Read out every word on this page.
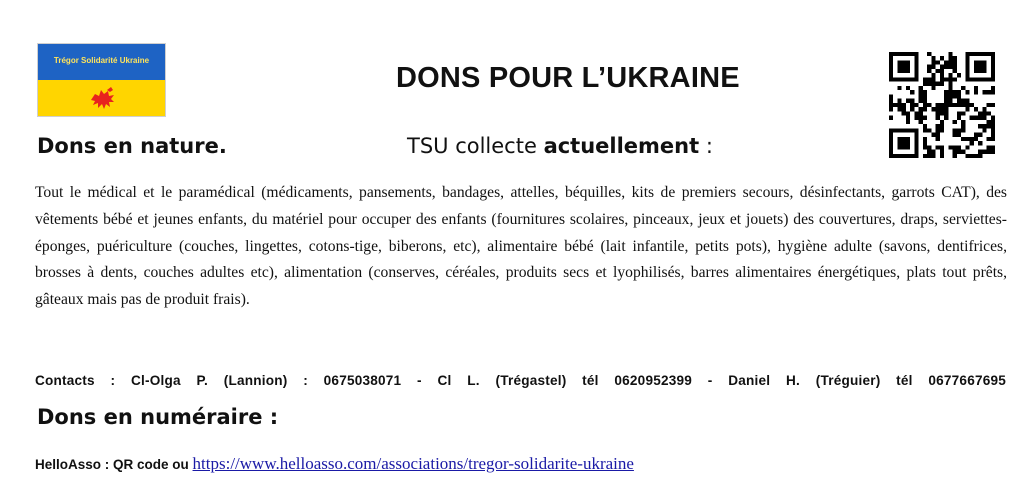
Trégor Solidarité Ukraine
DONS POUR L’UKRAINE
Dons en nature.	TSU collecte actuellement :
Tout le médical et le paramédical (médicaments, pansements, bandages, attelles, béquilles, kits de premiers secours, désinfectants, garrots CAT), des vêtements bébé et jeunes enfants, du matériel pour occuper des enfants (fournitures scolaires, pinceaux, jeux et jouets) des couvertures, draps, serviettes- éponges, puériculture (couches, lingettes, cotons-tige, biberons, etc), alimentaire bébé (lait infantile, petits pots), hygiène adulte (savons, dentifrices, brosses à dents, couches adultes etc), alimentation (conserves, céréales, produits secs et lyophilisés, barres alimentaires énergétiques, plats tout prêts, gâteaux mais pas de produit frais).
Contacts : Cl-Olga P. (Lannion) : 0675038071 - Cl L. (Trégastel) tél 0620952399 - Daniel H. (Tréguier) tél 0677667695
Dons en numéraire :
HelloAsso : QR code ou https://www.helloasso.com/associations/tregor-solidarite-ukraine
